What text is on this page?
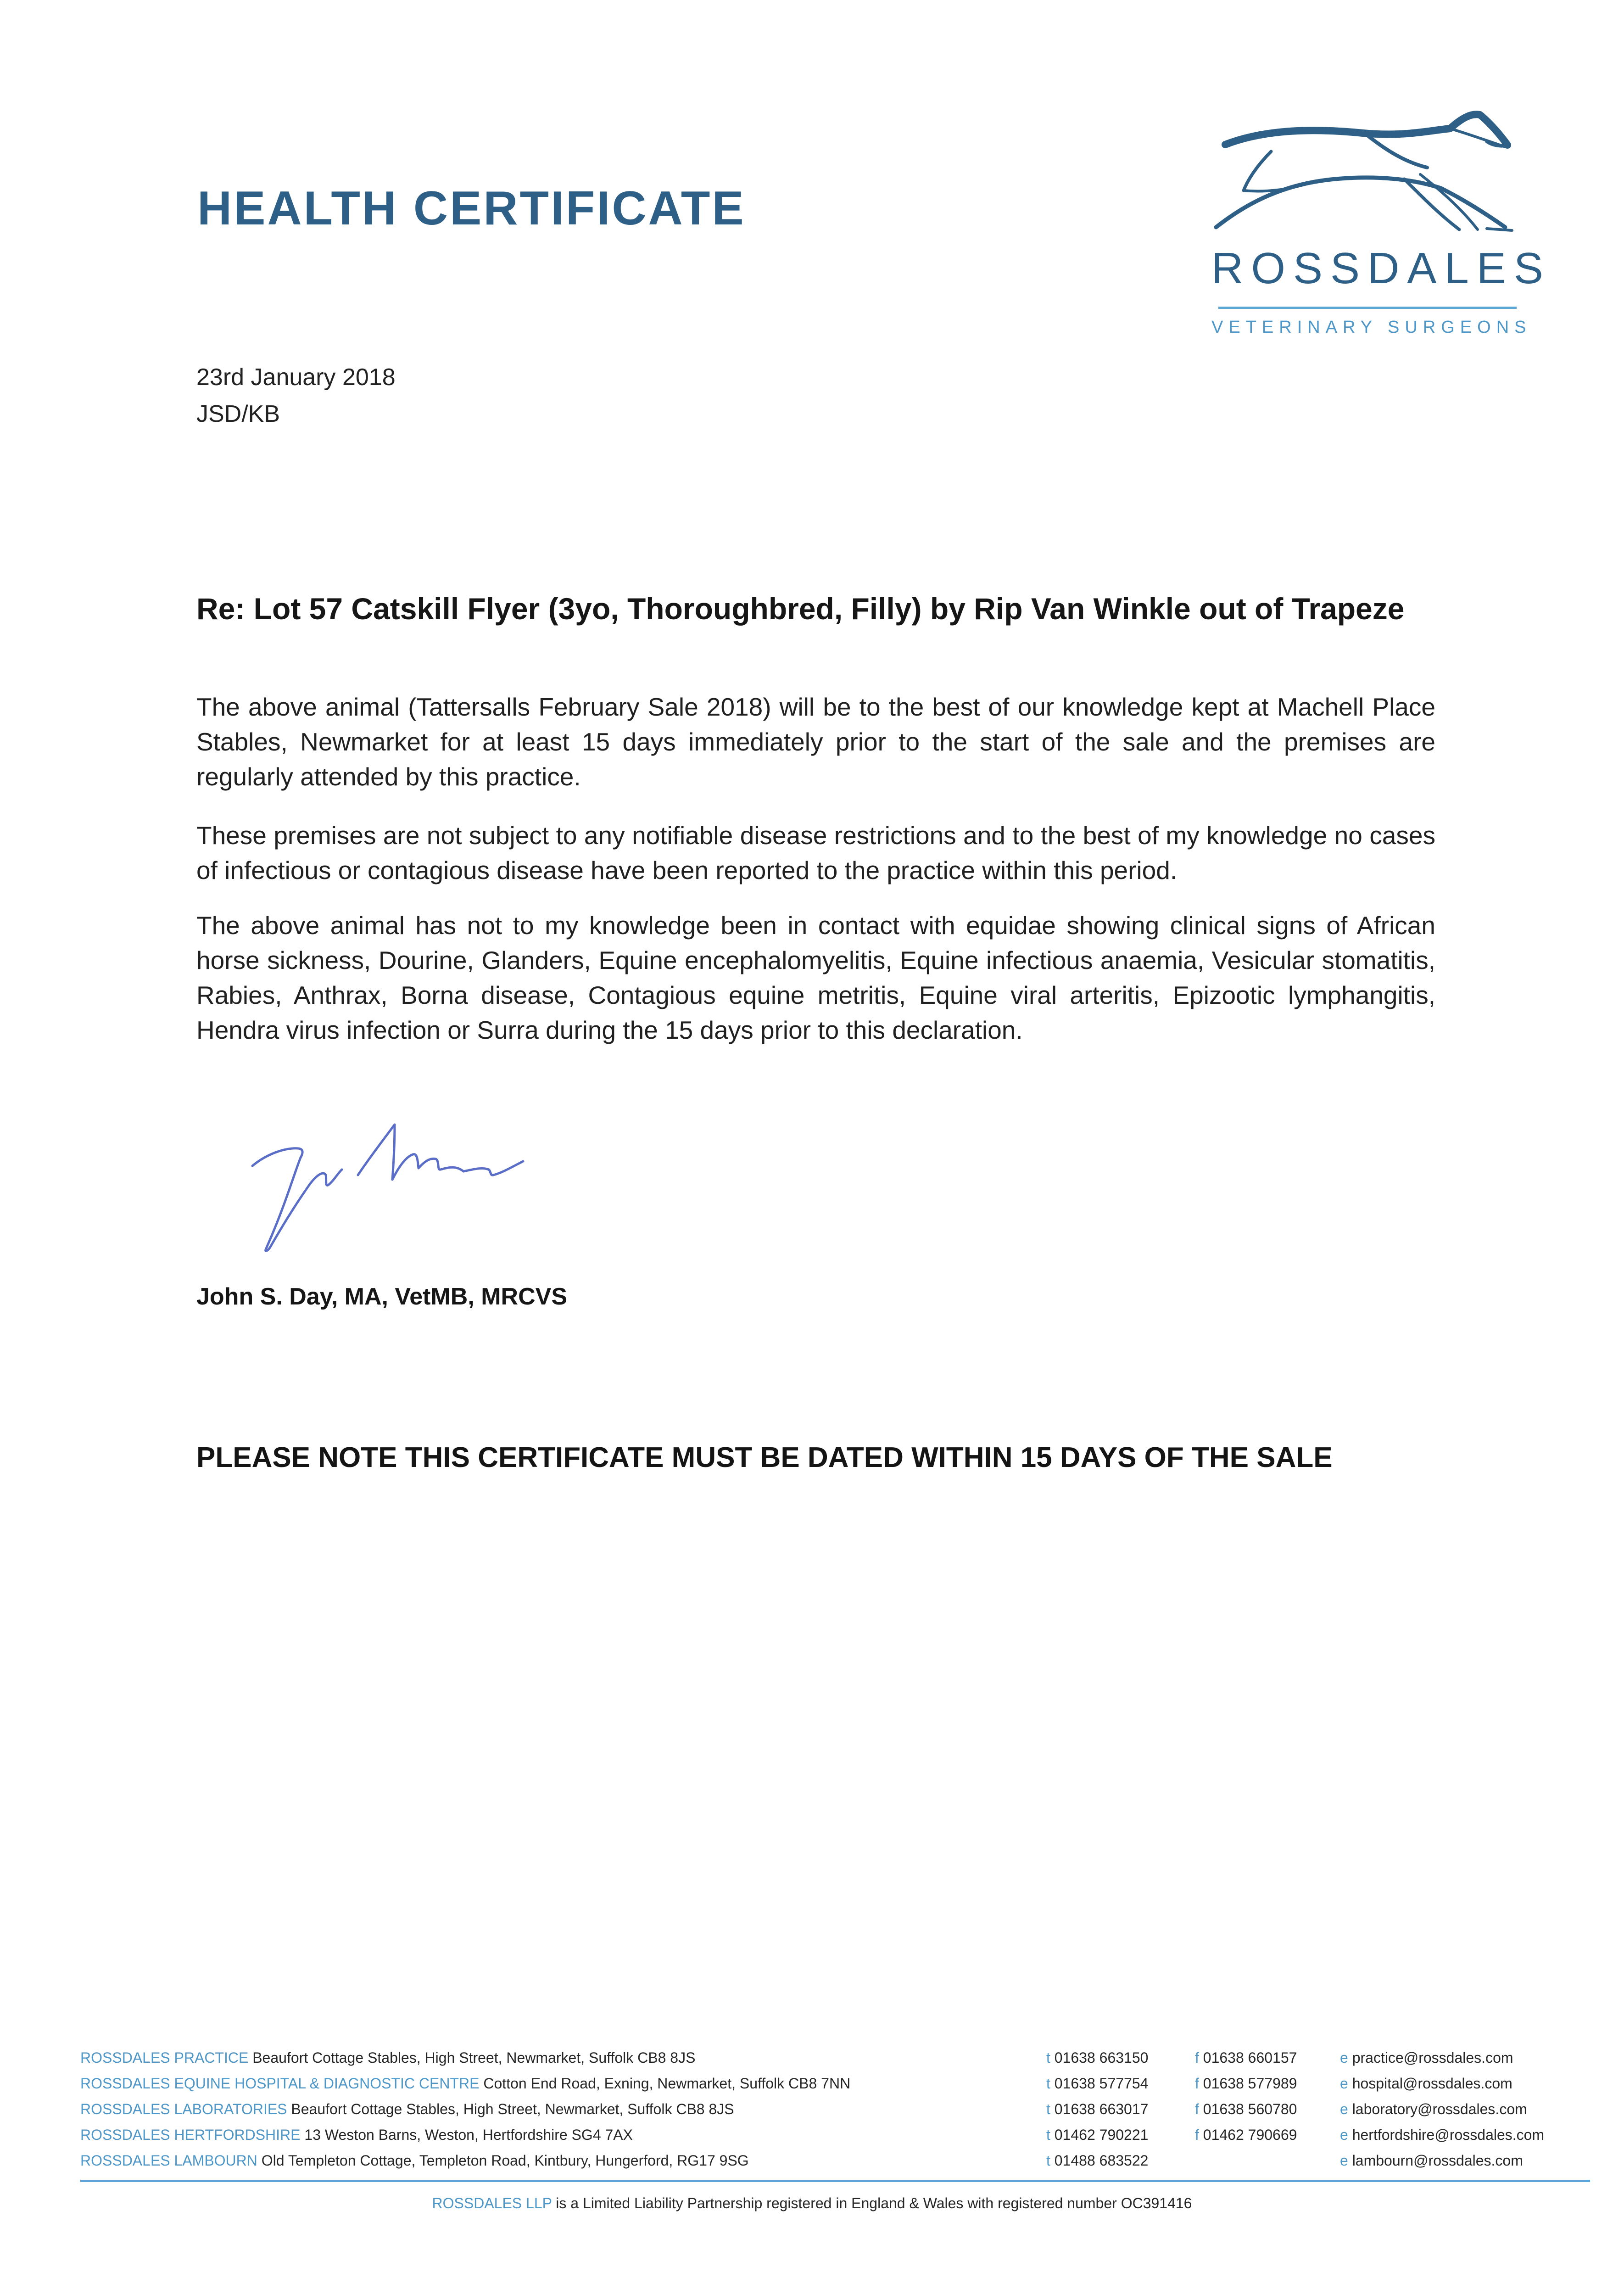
HEALTH CERTIFICATE
ROSSDALES
VETERINARY SURGEONS
23rd January 2018
JSD/KB
Re: Lot 57 Catskill Flyer (3yo, Thoroughbred, Filly) by Rip Van Winkle out of Trapeze
The above animal (Tattersalls February Sale 2018) will be to the best of our knowledge kept at Machell Place Stables, Newmarket for at least 15 days immediately prior to the start of the sale and the premises are regularly attended by this practice.
These premises are not subject to any notifiable disease restrictions and to the best of my knowledge no cases of infectious or contagious disease have been reported to the practice within this period.
The above animal has not to my knowledge been in contact with equidae showing clinical signs of African horse sickness, Dourine, Glanders, Equine encephalomyelitis, Equine infectious anaemia, Vesicular stomatitis, Rabies, Anthrax, Borna disease, Contagious equine metritis, Equine viral arteritis, Epizootic lymphangitis, Hendra virus infection or Surra during the 15 days prior to this declaration.
John S. Day, MA, VetMB, MRCVS
PLEASE NOTE THIS CERTIFICATE MUST BE DATED WITHIN 15 DAYS OF THE SALE
ROSSDALES PRACTICE Beaufort Cottage Stables, High Street, Newmarket, Suffolk CB8 8JS
ROSSDALES EQUINE HOSPITAL & DIAGNOSTIC CENTRE Cotton End Road, Exning, Newmarket, Suffolk CB8 7NN
ROSSDALES LABORATORIES Beaufort Cottage Stables, High Street, Newmarket, Suffolk CB8 8JS
ROSSDALES HERTFORDSHIRE 13 Weston Barns, Weston, Hertfordshire SG4 7AX
ROSSDALES LAMBOURN Old Templeton Cottage, Templeton Road, Kintbury, Hungerford, RG17 9SG
t 01638 663150
t 01638 577754
t 01638 663017
t 01462 790221
t 01488 683522
f 01638 660157
f 01638 577989
f 01638 560780
f 01462 790669
e practice@rossdales.com
e hospital@rossdales.com
e laboratory@rossdales.com
e hertfordshire@rossdales.com
e lambourn@rossdales.com
ROSSDALES LLP is a Limited Liability Partnership registered in England & Wales with registered number OC391416
